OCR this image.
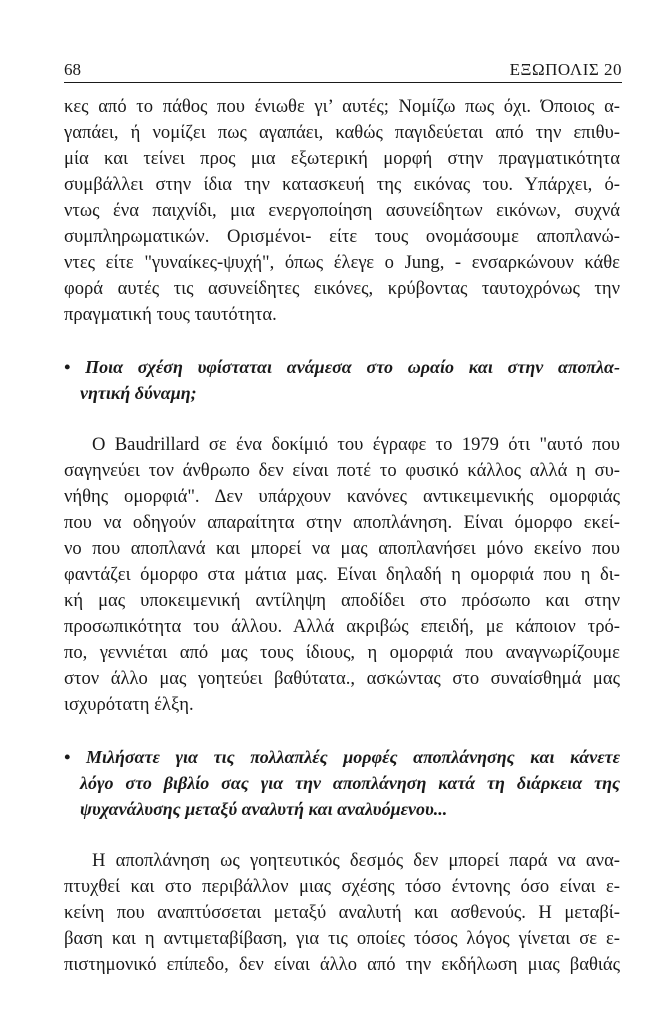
68	ΕΞΩΠΟΛΙΣ 20
κες από το πάθος που ένιωθε γι’ αυτές; Νομίζω πως όχι. Όποιος α-
γαπάει, ή νομίζει πως αγαπάει, καθώς παγιδεύεται από την επιθυ-
μία και τείνει προς μια εξωτερική μορφή στην πραγματικότητα
συμβάλλει στην ίδια την κατασκευή της εικόνας του. Υπάρχει, ό-
ντως ένα παιχνίδι, μια ενεργοποίηση ασυνείδητων εικόνων, συχνά
συμπληρωματικών. Ορισμένοι- είτε τους ονομάσουμε αποπλανώ-
ντες είτε "γυναίκες-ψυχή", όπως έλεγε ο Jung, - ενσαρκώνουν κάθε
φορά αυτές τις ασυνείδητες εικόνες, κρύβοντας ταυτοχρόνως την
πραγματική τους ταυτότητα.
• Ποια σχέση υφίσταται ανάμεσα στο ωραίο και στην αποπλα-
νητική δύναμη;
Ο Baudrillard σε ένα δοκίμιό του έγραφε το 1979 ότι "αυτό που
σαγηνεύει τον άνθρωπο δεν είναι ποτέ το φυσικό κάλλος αλλά η συ-
νήθης ομορφιά". Δεν υπάρχουν κανόνες αντικειμενικής ομορφιάς
που να οδηγούν απαραίτητα στην αποπλάνηση. Είναι όμορφο εκεί-
νο που αποπλανά και μπορεί να μας αποπλανήσει μόνο εκείνο που
φαντάζει όμορφο στα μάτια μας. Είναι δηλαδή η ομορφιά που η δι-
κή μας υποκειμενική αντίληψη αποδίδει στο πρόσωπο και στην
προσωπικότητα του άλλου. Αλλά ακριβώς επειδή, με κάποιον τρό-
πο, γεννιέται από μας τους ίδιους, η ομορφιά που αναγνωρίζουμε
στον άλλο μας γοητεύει βαθύτατα., ασκώντας στο συναίσθημά μας
ισχυρότατη έλξη.
• Μιλήσατε για τις πολλαπλές μορφές αποπλάνησης και κάνετε
λόγο στο βιβλίο σας για την αποπλάνηση κατά τη διάρκεια της
ψυχανάλυσης μεταξύ αναλυτή και αναλυόμενου...
Η αποπλάνηση ως γοητευτικός δεσμός δεν μπορεί παρά να ανα-
πτυχθεί και στο περιβάλλον μιας σχέσης τόσο έντονης όσο είναι ε-
κείνη που αναπτύσσεται μεταξύ αναλυτή και ασθενούς. Η μεταβί-
βαση και η αντιμεταβίβαση, για τις οποίες τόσος λόγος γίνεται σε ε-
πιστημονικό επίπεδο, δεν είναι άλλο από την εκδήλωση μιας βαθιάς
